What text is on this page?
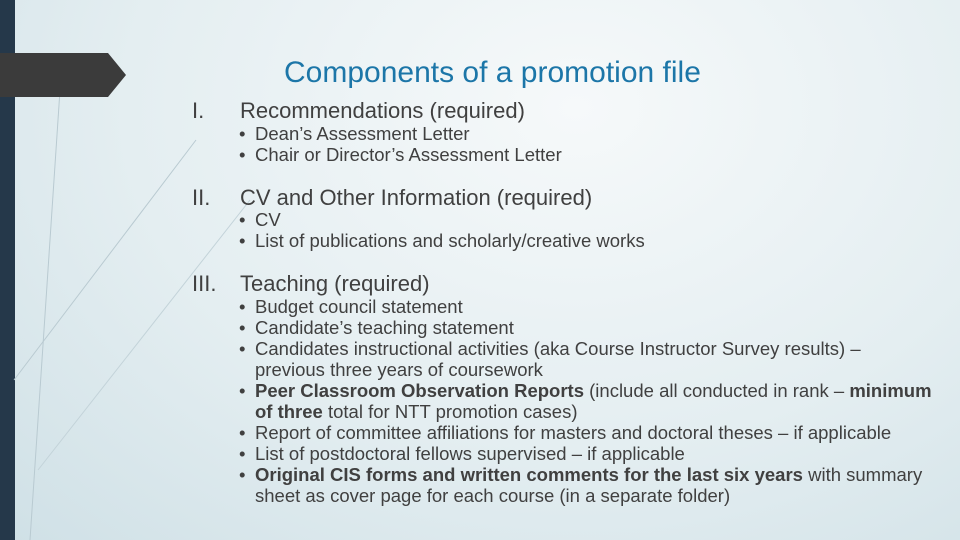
Components of a promotion file
I. Recommendations (required)
• Dean’s Assessment Letter
• Chair or Director’s Assessment Letter
II. CV and Other Information (required)
• CV
• List of publications and scholarly/creative works
III. Teaching (required)
• Budget council statement
• Candidate’s teaching statement
• Candidates instructional activities (aka Course Instructor Survey results) – previous three years of coursework
• Peer Classroom Observation Reports (include all conducted in rank – minimum of three total for NTT promotion cases)
• Report of committee affiliations for masters and doctoral theses – if applicable
• List of postdoctoral fellows supervised – if applicable
• Original CIS forms and written comments for the last six years with summary sheet as cover page for each course (in a separate folder)
